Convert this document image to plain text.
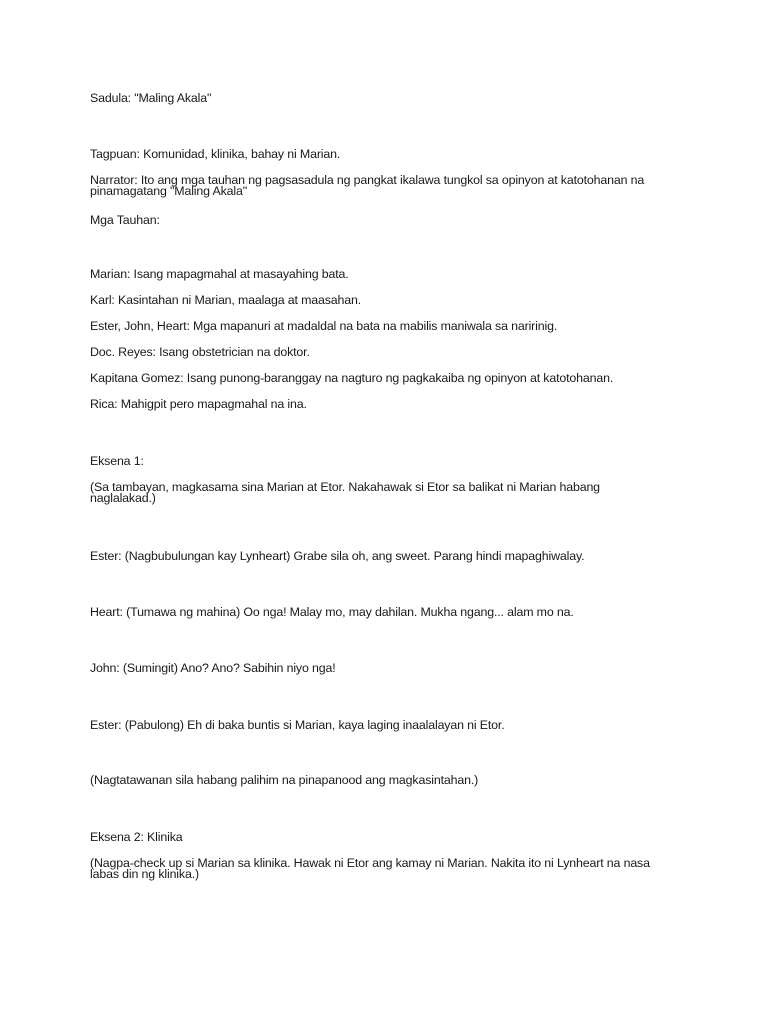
Sadula: "Maling Akala"
Tagpuan: Komunidad, klinika, bahay ni Marian.
Narrator: Ito ang mga tauhan ng pagsasadula ng pangkat ikalawa tungkol sa opinyon at katotohanan na pinamagatang "Maling Akala"
Mga Tauhan:
Marian: Isang mapagmahal at masayahing bata.
Karl: Kasintahan ni Marian, maalaga at maasahan.
Ester, John, Heart: Mga mapanuri at madaldal na bata na mabilis maniwala sa naririnig.
Doc. Reyes: Isang obstetrician na doktor.
Kapitana Gomez: Isang punong-baranggay na nagturo ng pagkakaiba ng opinyon at katotohanan.
Rica: Mahigpit pero mapagmahal na ina.
Eksena 1:
(Sa tambayan, magkasama sina Marian at Etor. Nakahawak si Etor sa balikat ni Marian habang naglalakad.)
Ester: (Nagbubulungan kay Lynheart) Grabe sila oh, ang sweet. Parang hindi mapaghiwalay.
Heart: (Tumawa ng mahina) Oo nga! Malay mo, may dahilan. Mukha ngang... alam mo na.
John: (Sumingit) Ano? Ano? Sabihin niyo nga!
Ester: (Pabulong) Eh di baka buntis si Marian, kaya laging inaalalayan ni Etor.
(Nagtatawanan sila habang palihim na pinapanood ang magkasintahan.)
Eksena 2: Klinika
(Nagpa-check up si Marian sa klinika. Hawak ni Etor ang kamay ni Marian. Nakita ito ni Lynheart na nasa labas din ng klinika.)
